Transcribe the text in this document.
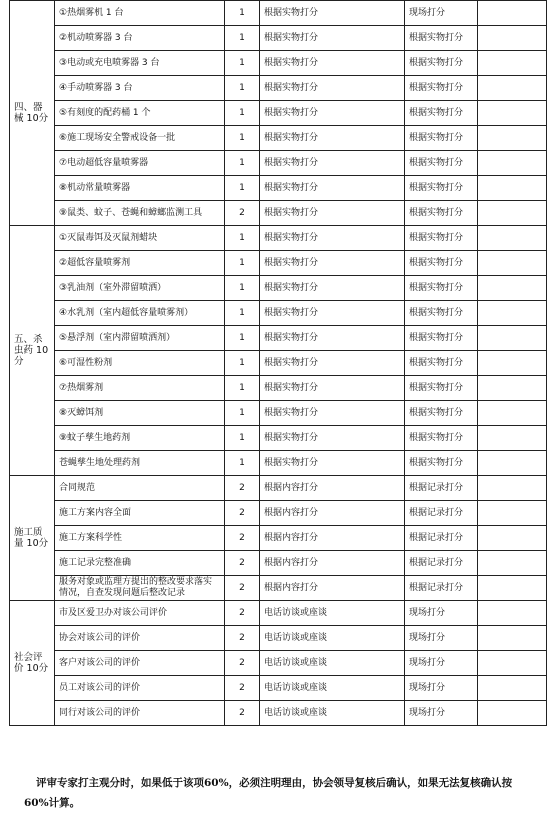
四、器械 10分	①热烟雾机 1 台	1	根据实物打分	现场打分	
	②机动喷雾器 3 台	1	根据实物打分	根据实物打分	
	③电动或充电喷雾器 3 台	1	根据实物打分	根据实物打分	
	④手动喷雾器 3 台	1	根据实物打分	根据实物打分	
	⑤有刻度的配药桶 1 个	1	根据实物打分	根据实物打分	
	⑥施工现场安全警戒设备一批	1	根据实物打分	根据实物打分	
	⑦电动超低容量喷雾器	1	根据实物打分	根据实物打分	
	⑧机动常量喷雾器	1	根据实物打分	根据实物打分	
	⑨鼠类、蚊子、苍蝇和蟑螂监测工具	2	根据实物打分	根据实物打分	
五、杀虫药 10分	①灭鼠毒饵及灭鼠剂蜡块	1	根据实物打分	根据实物打分	
	②超低容量喷雾剂	1	根据实物打分	根据实物打分	
	③乳油剂（室外滞留喷洒）	1	根据实物打分	根据实物打分	
	④水乳剂（室内超低容量喷雾剂）	1	根据实物打分	根据实物打分	
	⑤悬浮剂（室内滞留喷洒剂）	1	根据实物打分	根据实物打分	
	⑥可湿性粉剂	1	根据实物打分	根据实物打分	
	⑦热烟雾剂	1	根据实物打分	根据实物打分	
	⑧灭蟑饵剂	1	根据实物打分	根据实物打分	
	⑨蚊子孳生地药剂	1	根据实物打分	根据实物打分	
	苍蝇孳生地处理药剂	1	根据实物打分	根据实物打分	
施工质量 10分	合同规范	2	根据内容打分	根据记录打分	
	施工方案内容全面	2	根据内容打分	根据记录打分	
	施工方案科学性	2	根据内容打分	根据记录打分	
	施工记录完整准确	2	根据内容打分	根据记录打分	
	服务对象或监理方提出的整改要求落实情况，自查发现问题后整改记录	2	根据内容打分	根据记录打分	
社会评价 10分	市及区爱卫办对该公司评价	2	电话访谈或座谈	现场打分	
	协会对该公司的评价	2	电话访谈或座谈	现场打分	
	客户对该公司的评价	2	电话访谈或座谈	现场打分	
	员工对该公司的评价	2	电话访谈或座谈	现场打分	
	同行对该公司的评价	2	电话访谈或座谈	现场打分	

评审专家打主观分时，如果低于该项60%，必须注明理由，协会领导复核后确认，如果无法复核确认按60%计算。
